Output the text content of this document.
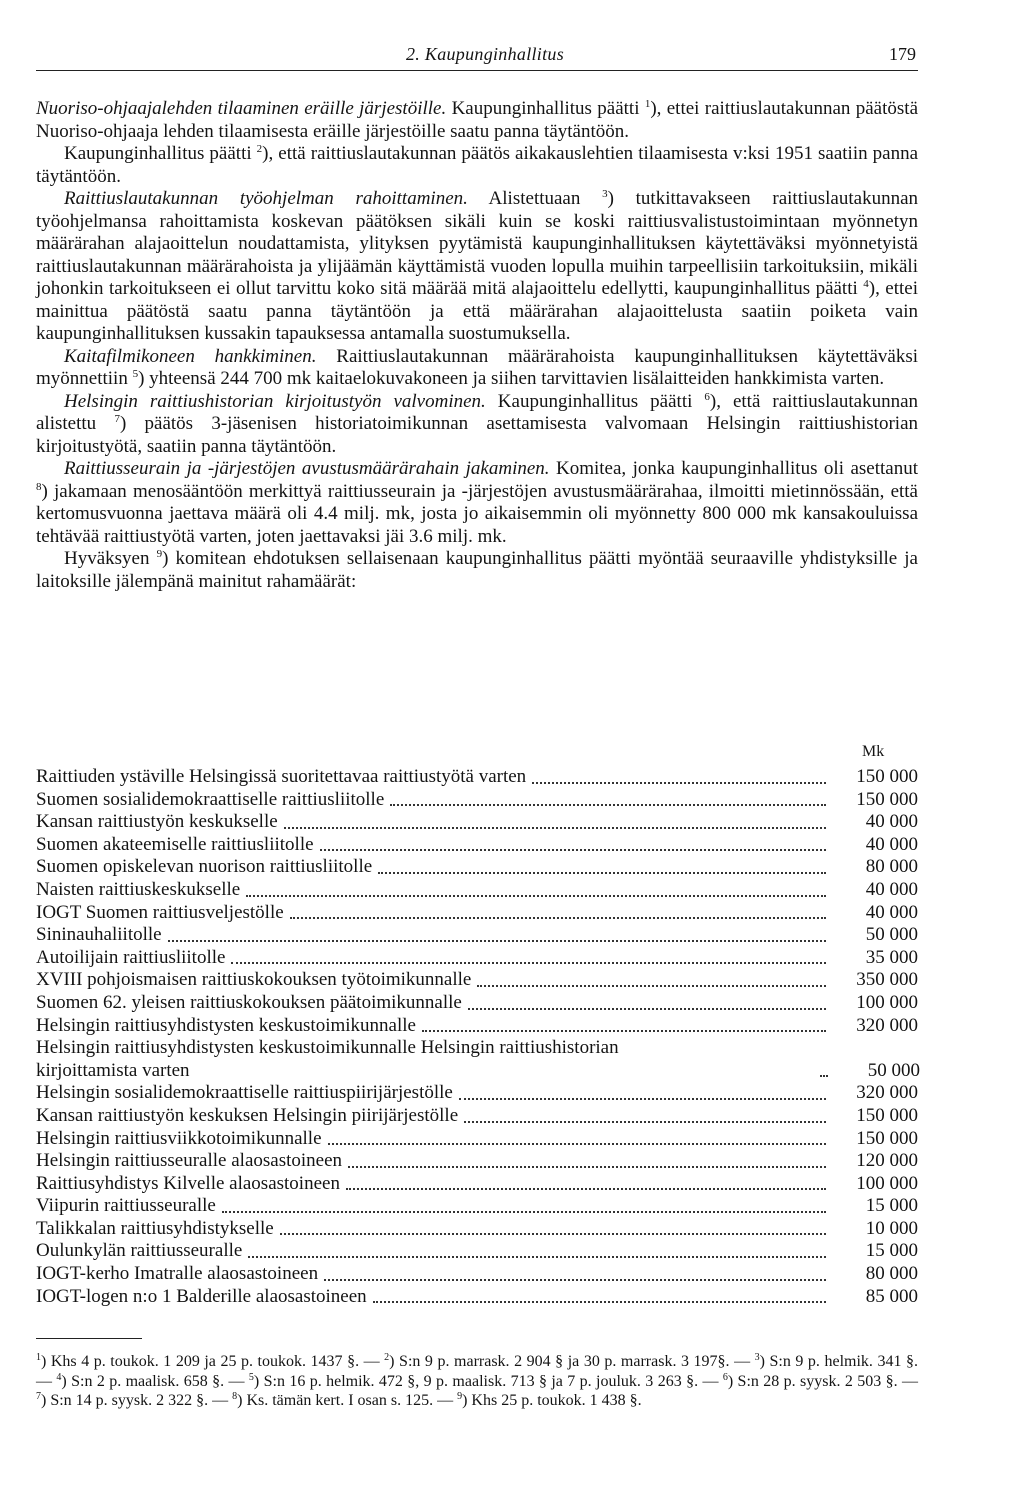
2. Kaupunginhallitus	179

Nuoriso-ohjaajalehden tilaaminen eräille järjestöille. Kaupunginhallitus päätti $^1$), ettei raittiuslautakunnan päätöstä Nuoriso-ohjaaja lehden tilaamisesta eräille järjestöille saatu panna täytäntöön.

Kaupunginhallitus päätti $^2$), että raittiuslautakunnan päätös aikakauslehtien tilaamisesta v:ksi 1951 saatiin panna täytäntöön.

Raittiuslautakunnan työohjelman rahoittaminen. Alistettuaan $^3$) tutkittavakseen raittiuslautakunnan työohjelmansa rahoittamista koskevan päätöksen sikäli kuin se koski raittiusvalistustoimintaan myönnetyn määrärahan alajaoittelun noudattamista, ylityksen pyytämistä kaupunginhallituksen käytettäväksi myönnetyistä raittiuslautakunnan määrärahoista ja ylijäämän käyttämistä vuoden lopulla muihin tarpeellisiin tarkoituksiin, mikäli johonkin tarkoitukseen ei ollut tarvittu koko sitä määrää mitä alajaoittelu edellytti, kaupunginhallitus päätti $^4$), ettei mainittua päätöstä saatu panna täytäntöön ja että määrärahan alajaoittelusta saatiin poiketa vain kaupunginhallituksen kussakin tapauksessa antamalla suostumuksella.

Kaitafilmikoneen hankkiminen. Raittiuslautakunnan määrärahoista kaupunginhallituksen käytettäväksi myönnettiin $^5$) yhteensä 244 700 mk kaitaelokuvakoneen ja siihen tarvittavien lisälaitteiden hankkimista varten.

Helsingin raittiushistorian kirjoitustyön valvominen. Kaupunginhallitus päätti $^6$), että raittiuslautakunnan alistettu $^7$) päätös 3-jäsenisen historiatoimikunnan asettamisesta valvomaan Helsingin raittiushistorian kirjoitustyötä, saatiin panna täytäntöön.

Raittiusseurain ja -järjestöjen avustusmäärärahain jakaminen. Komitea, jonka kaupunginhallitus oli asettanut $^8$) jakamaan menosääntöön merkittyä raittiusseurain ja -järjestöjen avustusmäärärahaa, ilmoitti mietinnössään, että kertomusvuonna jaettava määrä oli 4.4 milj. mk, josta jo aikaisemmin oli myönnetty 800 000 mk kansakouluissa tehtävää raittiustyötä varten, joten jaettavaksi jäi 3.6 milj. mk.

Hyväksyen $^9$) komitean ehdotuksen sellaisenaan kaupunginhallitus päätti myöntää seuraaville yhdistyksille ja laitoksille jälempänä mainitut rahamäärät:

Mk
Raittiuden ystäville Helsingissä suoritettavaa raittiustyötä varten	150 000
Suomen sosialidemokraattiselle raittiusliitolle	150 000
Kansan raittiustyön keskukselle	40 000
Suomen akateemiselle raittiusliitolle	40 000
Suomen opiskelevan nuorison raittiusliitolle	80 000
Naisten raittiuskeskukselle	40 000
IOGT Suomen raittiusveljestölle	40 000
Sininauhaliitolle	50 000
Autoilijain raittiusliitolle	35 000
XVIII pohjoismaisen raittiuskokouksen työtoimikunnalle	350 000
Suomen 62. yleisen raittiuskokouksen päätoimikunnalle	100 000
Helsingin raittiusyhdistysten keskustoimikunnalle	320 000
Helsingin raittiusyhdistysten keskustoimikunnalle Helsingin raittiushistorian
kirjoittamista varten	50 000
Helsingin sosialidemokraattiselle raittiuspiirijärjestölle	320 000
Kansan raittiustyön keskuksen Helsingin piirijärjestölle	150 000
Helsingin raittiusviikkotoimikunnalle	150 000
Helsingin raittiusseuralle alaosastoineen	120 000
Raittiusyhdistys Kilvelle alaosastoineen	100 000
Viipurin raittiusseuralle	15 000
Talikkalan raittiusyhdistykselle	10 000
Oulunkylän raittiusseuralle	15 000
IOGT-kerho Imatralle alaosastoineen	80 000
IOGT-logen n:o 1 Balderille alaosastoineen	85 000
$^1$) Khs 4 p. toukok. 1 209 ja 25 p. toukok. 1437 §. — $^2$) S:n 9 p. marrask. 2 904 § ja 30 p. marrask. 3 197§. — $^3$) S:n 9 p. helmik. 341 §. — $^4$) S:n 2 p. maalisk. 658 §. — $^5$) S:n 16 p. helmik. 472 §, 9 p. maalisk. 713 § ja 7 p. jouluk. 3 263 §. — $^6$) S:n 28 p. syysk. 2 503 §. — $^7$) S:n 14 p. syysk. 2 322 §. — $^8$) Ks. tämän kert. I osan s. 125. — $^9$) Khs 25 p. toukok. 1 438 §.
